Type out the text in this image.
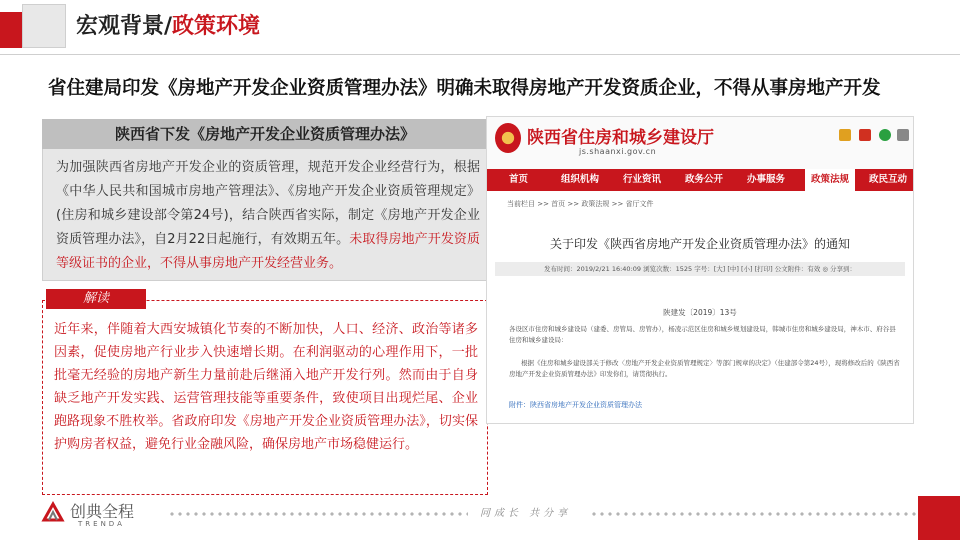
宏观背景/政策环境
省住建局印发《房地产开发企业资质管理办法》明确未取得房地产开发资质企业，不得从事房地产开发
陕西省下发《房地产开发企业资质管理办法》
为加强陕西省房地产开发企业的资质管理，规范开发企业经营行为，根据《中华人民共和国城市房地产管理法》、《房地产开发企业资质管理规定》(住房和城乡建设部令第24号)，结合陕西省实际，制定《房地产开发企业资质管理办法》，自2月22日起施行，有效期五年。未取得房地产开发资质等级证书的企业，不得从事房地产开发经营业务。
解读
近年来，伴随着大西安城镇化节奏的不断加快，人口、经济、政治等诸多因素，促使房地产行业步入快速增长期。在利润驱动的心理作用下，一批批毫无经验的房地产新生力量前赴后继涌入地产开发行列。然而由于自身缺乏地产开发实践、运营管理技能等重要条件，致使项目出现烂尾、企业跑路现象不胜枚举。省政府印发《房地产开发企业资质管理办法》，切实保护购房者权益，避免行业金融风险，确保房地产市场稳健运行。
陕西省住房和城乡建设厅
js.shaanxi.gov.cn
首页	组织机构	行业资讯	政务公开	办事服务	政策法规	政民互动
当前栏目 >> 首页 >> 政策法规 >> 省厅文件
关于印发《陕西省房地产开发企业资质管理办法》的通知
发布时间：2019/2/21 16:40:09 浏览次数：1525 字号：[大] [中] [小] [打印] 公文附件：有效 ◎ 分享到：
陕建发〔2019〕13号
各设区市住房和城乡建设局（建委、房管局、房管办），杨凌示范区住房和城乡规划建设局，韩城市住房和城乡建设局，神木市、府谷县住房和城乡建设局：
根据《住房和城乡建设部关于修改〈房地产开发企业资质管理规定〉等部门规章的决定》（住建部令第24号），现将修改后的《陕西省房地产开发企业资质管理办法》印发你们，请贯彻执行。
附件：陕西省房地产开发企业资质管理办法
创典全程
TRENDA
同成长 共分享
